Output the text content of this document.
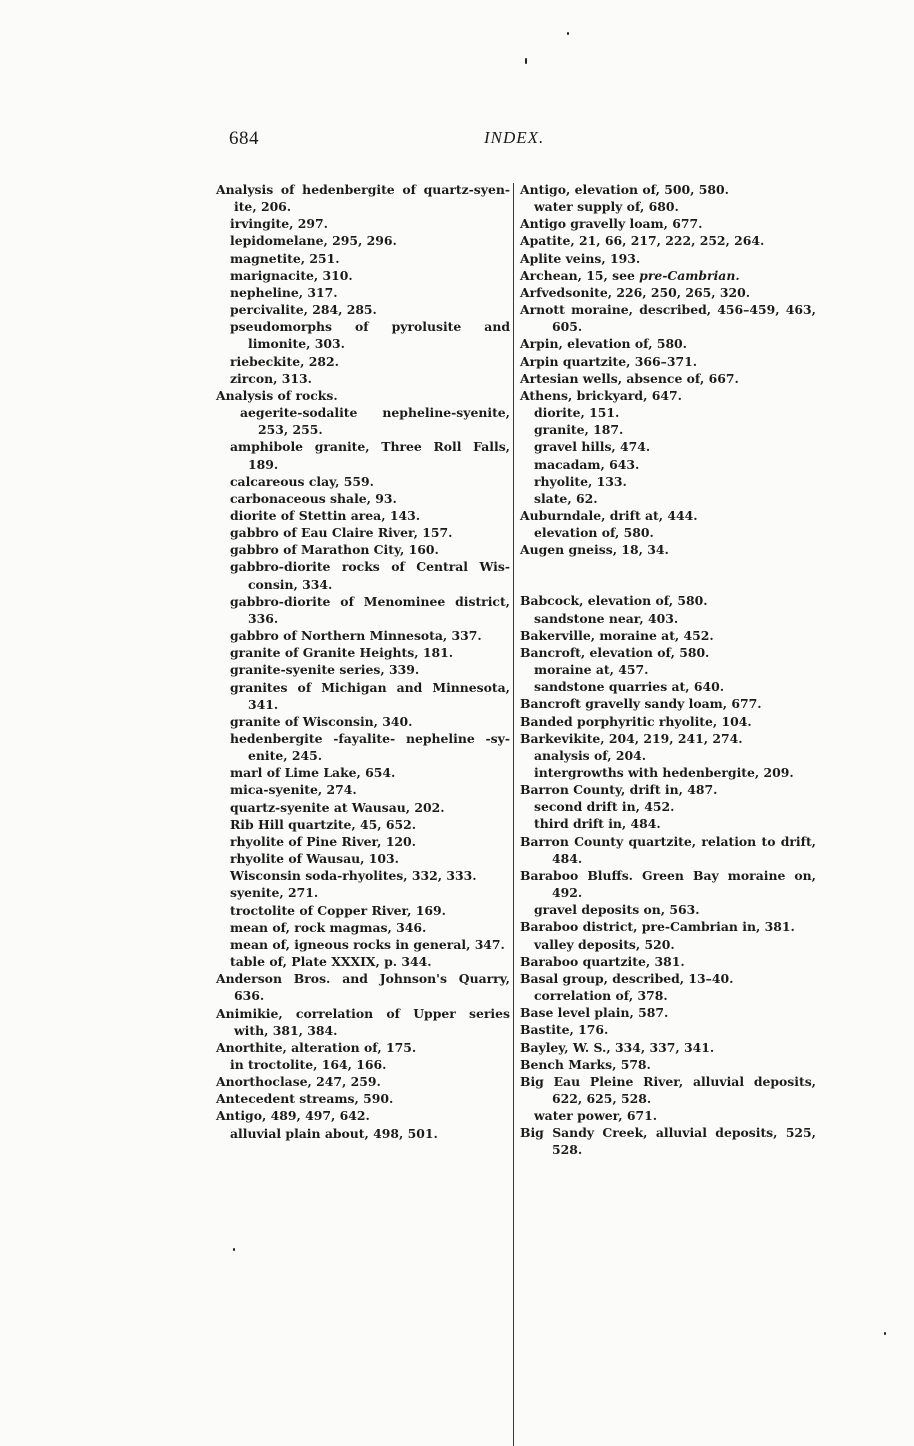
684	INDEX.
Analysis of hedenbergite of quartz-syen-ite, 206.
irvingite, 297.
lepidomelane, 295, 296.
magnetite, 251.
marignacite, 310.
nepheline, 317.
percivalite, 284, 285.
pseudomorphs of pyrolusite and limonite, 303.
riebeckite, 282.
zircon, 313.
Analysis of rocks.
aegerite-sodalite nepheline-syenite, 253, 255.
amphibole granite, Three Roll Falls, 189.
calcareous clay, 559.
carbonaceous shale, 93.
diorite of Stettin area, 143.
gabbro of Eau Claire River, 157.
gabbro of Marathon City, 160.
gabbro-diorite rocks of Central Wis-consin, 334.
gabbro-diorite of Menominee district, 336.
gabbro of Northern Minnesota, 337.
granite of Granite Heights, 181.
granite-syenite series, 339.
granites of Michigan and Minnesota, 341.
granite of Wisconsin, 340.
hedenbergite -fayalite- nepheline -sy-enite, 245.
marl of Lime Lake, 654.
mica-syenite, 274.
quartz-syenite at Wausau, 202.
Rib Hill quartzite, 45, 652.
rhyolite of Pine River, 120.
rhyolite of Wausau, 103.
Wisconsin soda-rhyolites, 332, 333.
syenite, 271.
troctolite of Copper River, 169.
mean of, rock magmas, 346.
mean of, igneous rocks in general, 347.
table of, Plate XXXIX, p. 344.
Anderson Bros. and Johnson's Quarry, 636.
Animikie, correlation of Upper series with, 381, 384.
Anorthite, alteration of, 175.
in troctolite, 164, 166.
Anorthoclase, 247, 259.
Antecedent streams, 590.
Antigo, 489, 497, 642.
alluvial plain about, 498, 501.
Antigo, elevation of, 500, 580.
water supply of, 680.
Antigo gravelly loam, 677.
Apatite, 21, 66, 217, 222, 252, 264.
Aplite veins, 193.
Archean, 15, see pre-Cambrian.
Arfvedsonite, 226, 250, 265, 320.
Arnott moraine, described, 456–459, 463, 605.
Arpin, elevation of, 580.
Arpin quartzite, 366–371.
Artesian wells, absence of, 667.
Athens, brickyard, 647.
diorite, 151.
granite, 187.
gravel hills, 474.
macadam, 643.
rhyolite, 133.
slate, 62.
Auburndale, drift at, 444.
elevation of, 580.
Augen gneiss, 18, 34.
Babcock, elevation of, 580.
sandstone near, 403.
Bakerville, moraine at, 452.
Bancroft, elevation of, 580.
moraine at, 457.
sandstone quarries at, 640.
Bancroft gravelly sandy loam, 677.
Banded porphyritic rhyolite, 104.
Barkevikite, 204, 219, 241, 274.
analysis of, 204.
intergrowths with hedenbergite, 209.
Barron County, drift in, 487.
second drift in, 452.
third drift in, 484.
Barron County quartzite, relation to drift, 484.
Baraboo Bluffs. Green Bay moraine on, 492.
gravel deposits on, 563.
Baraboo district, pre-Cambrian in, 381.
valley deposits, 520.
Baraboo quartzite, 381.
Basal group, described, 13–40.
correlation of, 378.
Base level plain, 587.
Bastite, 176.
Bayley, W. S., 334, 337, 341.
Bench Marks, 578.
Big Eau Pleine River, alluvial deposits, 622, 625, 528.
water power, 671.
Big Sandy Creek, alluvial deposits, 525, 528.
